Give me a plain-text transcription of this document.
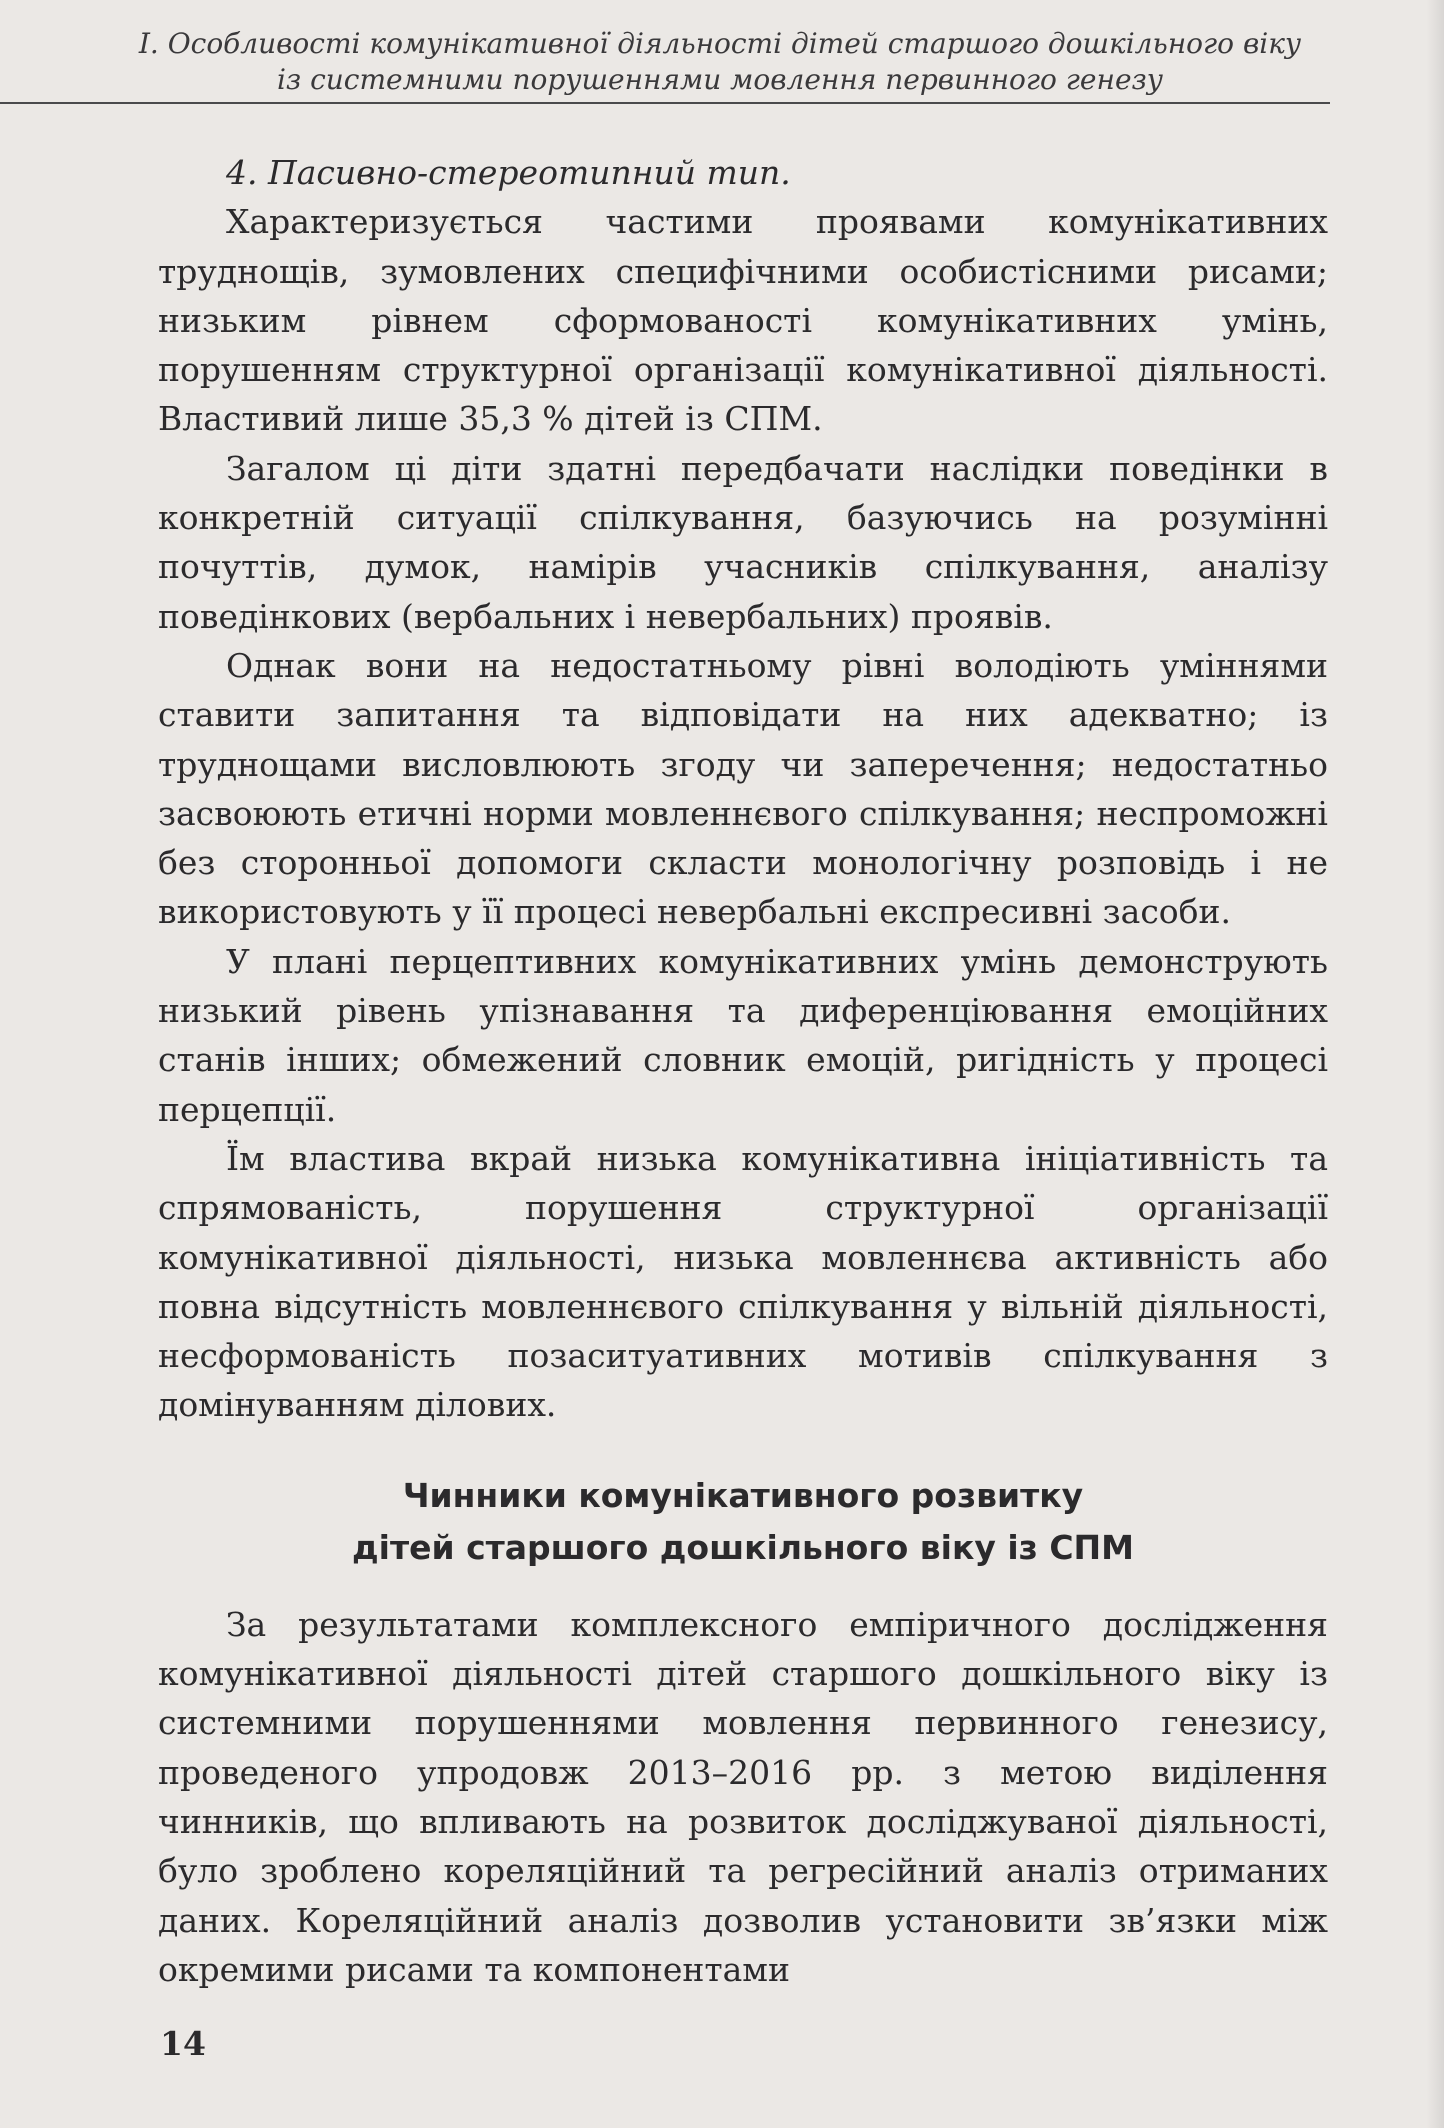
І. Особливості комунікативної діяльності дітей старшого дошкільного віку
із системними порушеннями мовлення первинного генезу

4. Пасивно-стереотипний тип.

Характеризується частими проявами комунікативних труднощів, зумовлених специфічними особистісними рисами; низьким рівнем сформованості комунікативних умінь, порушенням структурної організації комунікативної діяльності. Властивий лише 35,3 % дітей із СПМ.

Загалом ці діти здатні передбачати наслідки поведінки в конкретній ситуації спілкування, базуючись на розумінні почуттів, думок, намірів учасників спілкування, аналізу поведінкових (вербальних і невербальних) проявів.

Однак вони на недостатньому рівні володіють уміннями ставити запитання та відповідати на них адекватно; із труднощами висловлюють згоду чи заперечення; недостатньо засвоюють етичні норми мовленнєвого спілкування; неспроможні без сторонньої допомоги скласти монологічну розповідь і не використовують у її процесі невербальні експресивні засоби.

У плані перцептивних комунікативних умінь демонструють низький рівень упізнавання та диференціювання емоційних станів інших; обмежений словник емоцій, ригідність у процесі перцепції.

Їм властива вкрай низька комунікативна ініціативність та спрямованість, порушення структурної організації комунікативної діяльності, низька мовленнєва активність або повна відсутність мовленнєвого спілкування у вільній діяльності, несформованість позаситуативних мотивів спілкування з домінуванням ділових.

Чинники комунікативного розвитку
дітей старшого дошкільного віку із СПМ

За результатами комплексного емпіричного дослідження комунікативної діяльності дітей старшого дошкільного віку із системними порушеннями мовлення первинного генезису, проведеного упродовж 2013–2016 рр. з метою виділення чинників, що впливають на розвиток досліджуваної діяльності, було зроблено кореляційний та регресійний аналіз отриманих даних. Кореляційний аналіз дозволив установити зв’язки між окремими рисами та компонентами

14
